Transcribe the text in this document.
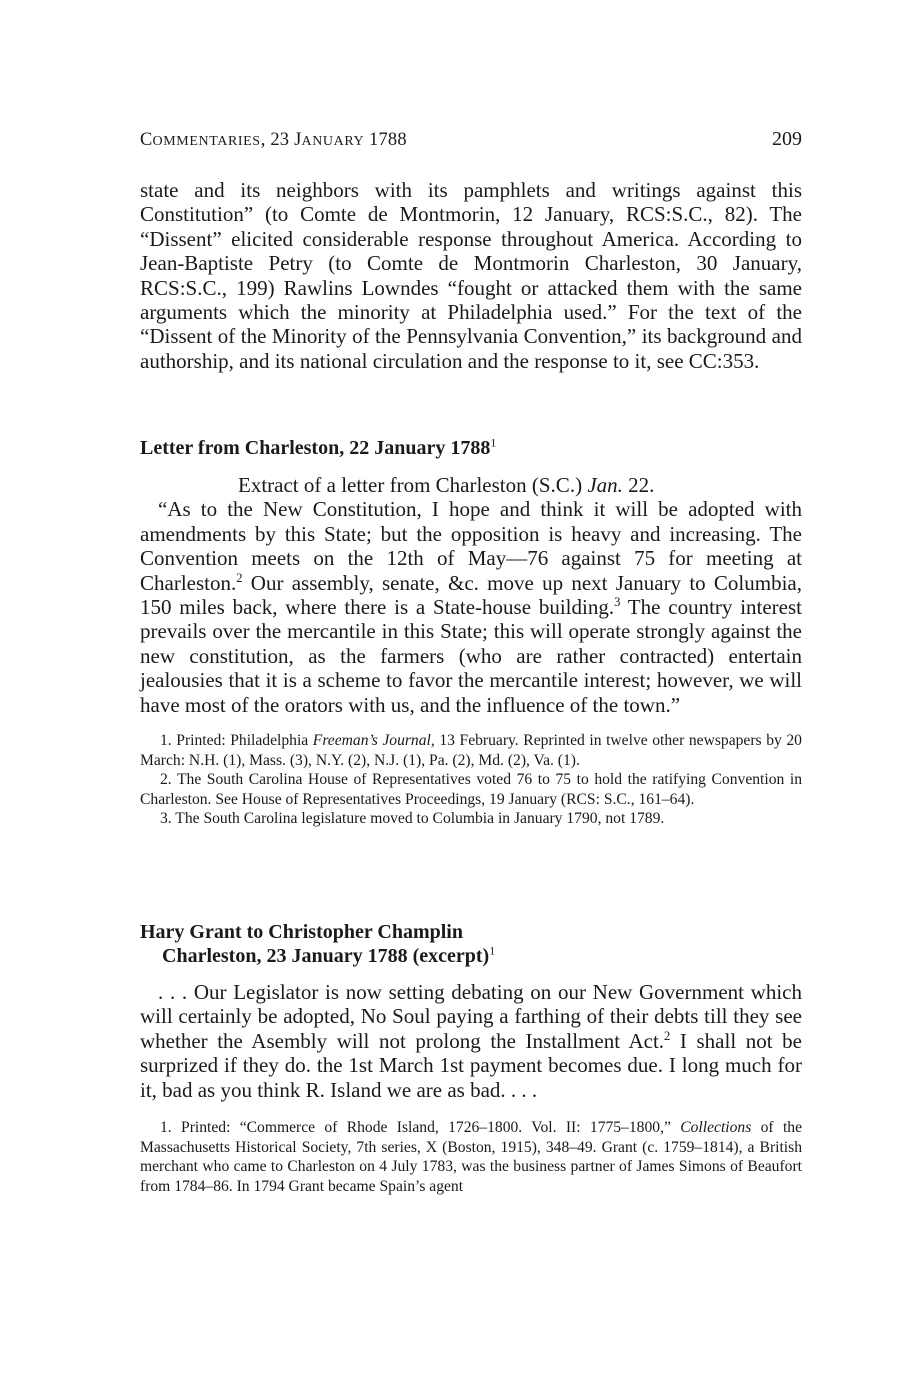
COMMENTARIES, 23 JANUARY 1788	209

state and its neighbors with its pamphlets and writings against this Constitution” (to Comte de Montmorin, 12 January, RCS:S.C., 82). The “Dissent” elicited considerable response throughout America. According to Jean-Baptiste Petry (to Comte de Montmorin Charleston, 30 January, RCS:S.C., 199) Rawlins Lowndes “fought or attacked them with the same arguments which the minority at Philadelphia used.” For the text of the “Dissent of the Minority of the Pennsylvania Convention,” its background and authorship, and its national circulation and the response to it, see CC:353.

Letter from Charleston, 22 January 1788$^1$

Extract of a letter from Charleston (S.C.) Jan. 22.

“As to the New Constitution, I hope and think it will be adopted with amendments by this State; but the opposition is heavy and increasing. The Convention meets on the 12th of May—76 against 75 for meeting at Charleston.$^2$ Our assembly, senate, &c. move up next January to Columbia, 150 miles back, where there is a State-house building.$^3$ The country interest prevails over the mercantile in this State; this will operate strongly against the new constitution, as the farmers (who are rather contracted) entertain jealousies that it is a scheme to favor the mercantile interest; however, we will have most of the orators with us, and the influence of the town.”

1. Printed: Philadelphia Freeman’s Journal, 13 February. Reprinted in twelve other newspapers by 20 March: N.H. (1), Mass. (3), N.Y. (2), N.J. (1), Pa. (2), Md. (2), Va. (1).

2. The South Carolina House of Representatives voted 76 to 75 to hold the ratifying Convention in Charleston. See House of Representatives Proceedings, 19 January (RCS: S.C., 161–64).

3. The South Carolina legislature moved to Columbia in January 1790, not 1789.

Hary Grant to Christopher Champlin

Charleston, 23 January 1788 (excerpt)$^1$

. . . Our Legislator is now setting debating on our New Government which will certainly be adopted, No Soul paying a farthing of their debts till they see whether the Asembly will not prolong the Installment Act.$^2$ I shall not be surprized if they do. the 1st March 1st payment becomes due. I long much for it, bad as you think R. Island we are as bad. . . .

1. Printed: “Commerce of Rhode Island, 1726–1800. Vol. II: 1775–1800,” Collections of the Massachusetts Historical Society, 7th series, X (Boston, 1915), 348–49. Grant (c. 1759–1814), a British merchant who came to Charleston on 4 July 1783, was the business partner of James Simons of Beaufort from 1784–86. In 1794 Grant became Spain’s agent
